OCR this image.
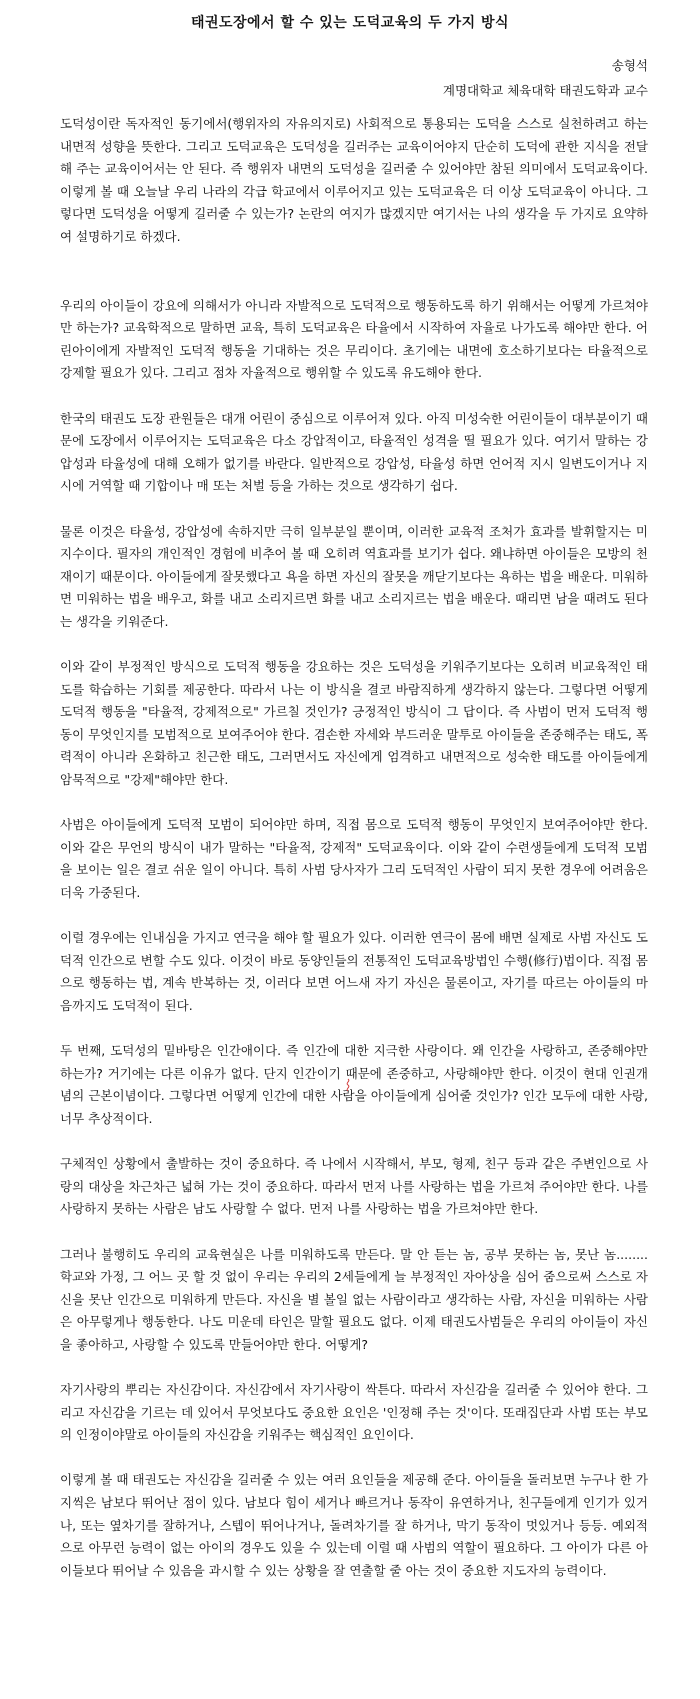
태권도장에서 할 수 있는 도덕교육의 두 가지 방식
송형석
계명대학교 체육대학 태권도학과 교수

도덕성이란 독자적인 동기에서(행위자의 자유의지로) 사회적으로 통용되는 도덕을 스스로 실천하려고 하는 내면적 성향을 뜻한다. 그리고 도덕교육은 도덕성을 길러주는 교육이어야지 단순히 도덕에 관한 지식을 전달해 주는 교육이어서는 안 된다. 즉 행위자 내면의 도덕성을 길러줄 수 있어야만 참된 의미에서 도덕교육이다. 이렇게 볼 때 오늘날 우리 나라의 각급 학교에서 이루어지고 있는 도덕교육은 더 이상 도덕교육이 아니다. 그렇다면 도덕성을 어떻게 길러줄 수 있는가? 논란의 여지가 많겠지만 여기서는 나의 생각을 두 가지로 요약하여 설명하기로 하겠다.

우리의 아이들이 강요에 의해서가 아니라 자발적으로 도덕적으로 행동하도록 하기 위해서는 어떻게 가르쳐야만 하는가? 교육학적으로 말하면 교육, 특히 도덕교육은 타율에서 시작하여 자율로 나가도록 해야만 한다. 어린아이에게 자발적인 도덕적 행동을 기대하는 것은 무리이다. 초기에는 내면에 호소하기보다는 타율적으로 강제할 필요가 있다. 그리고 점차 자율적으로 행위할 수 있도록 유도해야 한다.

한국의 태권도 도장 관원들은 대개 어린이 중심으로 이루어져 있다. 아직 미성숙한 어린이들이 대부분이기 때문에 도장에서 이루어지는 도덕교육은 다소 강압적이고, 타율적인 성격을 띨 필요가 있다. 여기서 말하는 강압성과 타율성에 대해 오해가 없기를 바란다. 일반적으로 강압성, 타율성 하면 언어적 지시 일변도이거나 지시에 거역할 때 기합이나 매 또는 처벌 등을 가하는 것으로 생각하기 쉽다.

물론 이것은 타율성, 강압성에 속하지만 극히 일부분일 뿐이며, 이러한 교육적 조처가 효과를 발휘할지는 미지수이다. 필자의 개인적인 경험에 비추어 볼 때 오히려 역효과를 보기가 쉽다. 왜냐하면 아이들은 모방의 천재이기 때문이다. 아이들에게 잘못했다고 욕을 하면 자신의 잘못을 깨닫기보다는 욕하는 법을 배운다. 미워하면 미워하는 법을 배우고, 화를 내고 소리지르면 화를 내고 소리지르는 법을 배운다. 때리면 남을 때려도 된다는 생각을 키워준다.

이와 같이 부정적인 방식으로 도덕적 행동을 강요하는 것은 도덕성을 키워주기보다는 오히려 비교육적인 태도를 학습하는 기회를 제공한다. 따라서 나는 이 방식을 결코 바람직하게 생각하지 않는다. 그렇다면 어떻게 도덕적 행동을 "타율적, 강제적으로" 가르칠 것인가? 긍정적인 방식이 그 답이다. 즉 사범이 먼저 도덕적 행동이 무엇인지를 모범적으로 보여주어야 한다. 겸손한 자세와 부드러운 말투로 아이들을 존중해주는 태도, 폭력적이 아니라 온화하고 친근한 태도, 그러면서도 자신에게 엄격하고 내면적으로 성숙한 태도를 아이들에게 암묵적으로 "강제"해야만 한다.

사범은 아이들에게 도덕적 모범이 되어야만 하며, 직접 몸으로 도덕적 행동이 무엇인지 보여주어야만 한다. 이와 같은 무언의 방식이 내가 말하는 "타율적, 강제적" 도덕교육이다. 이와 같이 수련생들에게 도덕적 모범을 보이는 일은 결코 쉬운 일이 아니다. 특히 사범 당사자가 그리 도덕적인 사람이 되지 못한 경우에 어려움은 더욱 가중된다.

이럴 경우에는 인내심을 가지고 연극을 해야 할 필요가 있다. 이러한 연극이 몸에 배면 실제로 사범 자신도 도덕적 인간으로 변할 수도 있다. 이것이 바로 동양인들의 전통적인 도덕교육방법인 수행(修行)법이다. 직접 몸으로 행동하는 법, 계속 반복하는 것, 이러다 보면 어느새 자기 자신은 물론이고, 자기를 따르는 아이들의 마음까지도 도덕적이 된다.

두 번째, 도덕성의 밑바탕은 인간애이다. 즉 인간에 대한 지극한 사랑이다. 왜 인간을 사랑하고, 존중해야만 하는가? 거기에는 다른 이유가 없다. 단지 인간이기 때문에 존중하고, 사랑해야만 한다. 이것이 현대 인권개념의 근본이념이다. 그렇다면 어떻게 인간에 대한 사람을 아이들에게 심어줄 것인가? 인간 모두에 대한 사랑, 너무 추상적이다.

구체적인 상황에서 출발하는 것이 중요하다. 즉 나에서 시작해서, 부모, 형제, 친구 등과 같은 주변인으로 사랑의 대상을 차근차근 넓혀 가는 것이 중요하다. 따라서 먼저 나를 사랑하는 법을 가르쳐 주어야만 한다. 나를 사랑하지 못하는 사람은 남도 사랑할 수 없다. 먼저 나를 사랑하는 법을 가르쳐야만 한다.

그러나 불행히도 우리의 교육현실은 나를 미워하도록 만든다. 말 안 듣는 놈, 공부 못하는 놈, 못난 놈........ 학교와 가정, 그 어느 곳 할 것 없이 우리는 우리의 2세들에게 늘 부정적인 자아상을 심어 줌으로써 스스로 자신을 못난 인간으로 미워하게 만든다. 자신을 별 볼일 없는 사람이라고 생각하는 사람, 자신을 미워하는 사람은 아무렇게나 행동한다. 나도 미운데 타인은 말할 필요도 없다. 이제 태권도사범들은 우리의 아이들이 자신을 좋아하고, 사랑할 수 있도록 만들어야만 한다. 어떻게?

자기사랑의 뿌리는 자신감이다. 자신감에서 자기사랑이 싹튼다. 따라서 자신감을 길러줄 수 있어야 한다. 그리고 자신감을 기르는 데 있어서 무엇보다도 중요한 요인은 '인정해 주는 것'이다. 또래집단과 사범 또는 부모의 인정이야말로 아이들의 자신감을 키워주는 핵심적인 요인이다.

이렇게 볼 때 태권도는 자신감을 길러줄 수 있는 여러 요인들을 제공해 준다. 아이들을 돌러보면 누구나 한 가지씩은 남보다 뛰어난 점이 있다. 남보다 힘이 세거나 빠르거나 동작이 유연하거나, 친구들에게 인기가 있거나, 또는 옆차기를 잘하거나, 스텝이 뛰어나거나, 돌려차기를 잘 하거나, 막기 동작이 멋있거나 등등. 예외적으로 아무런 능력이 없는 아이의 경우도 있을 수 있는데 이럴 때 사범의 역할이 필요하다. 그 아이가 다른 아이들보다 뛰어날 수 있음을 과시할 수 있는 상황을 잘 연출할 줄 아는 것이 중요한 지도자의 능력이다.
